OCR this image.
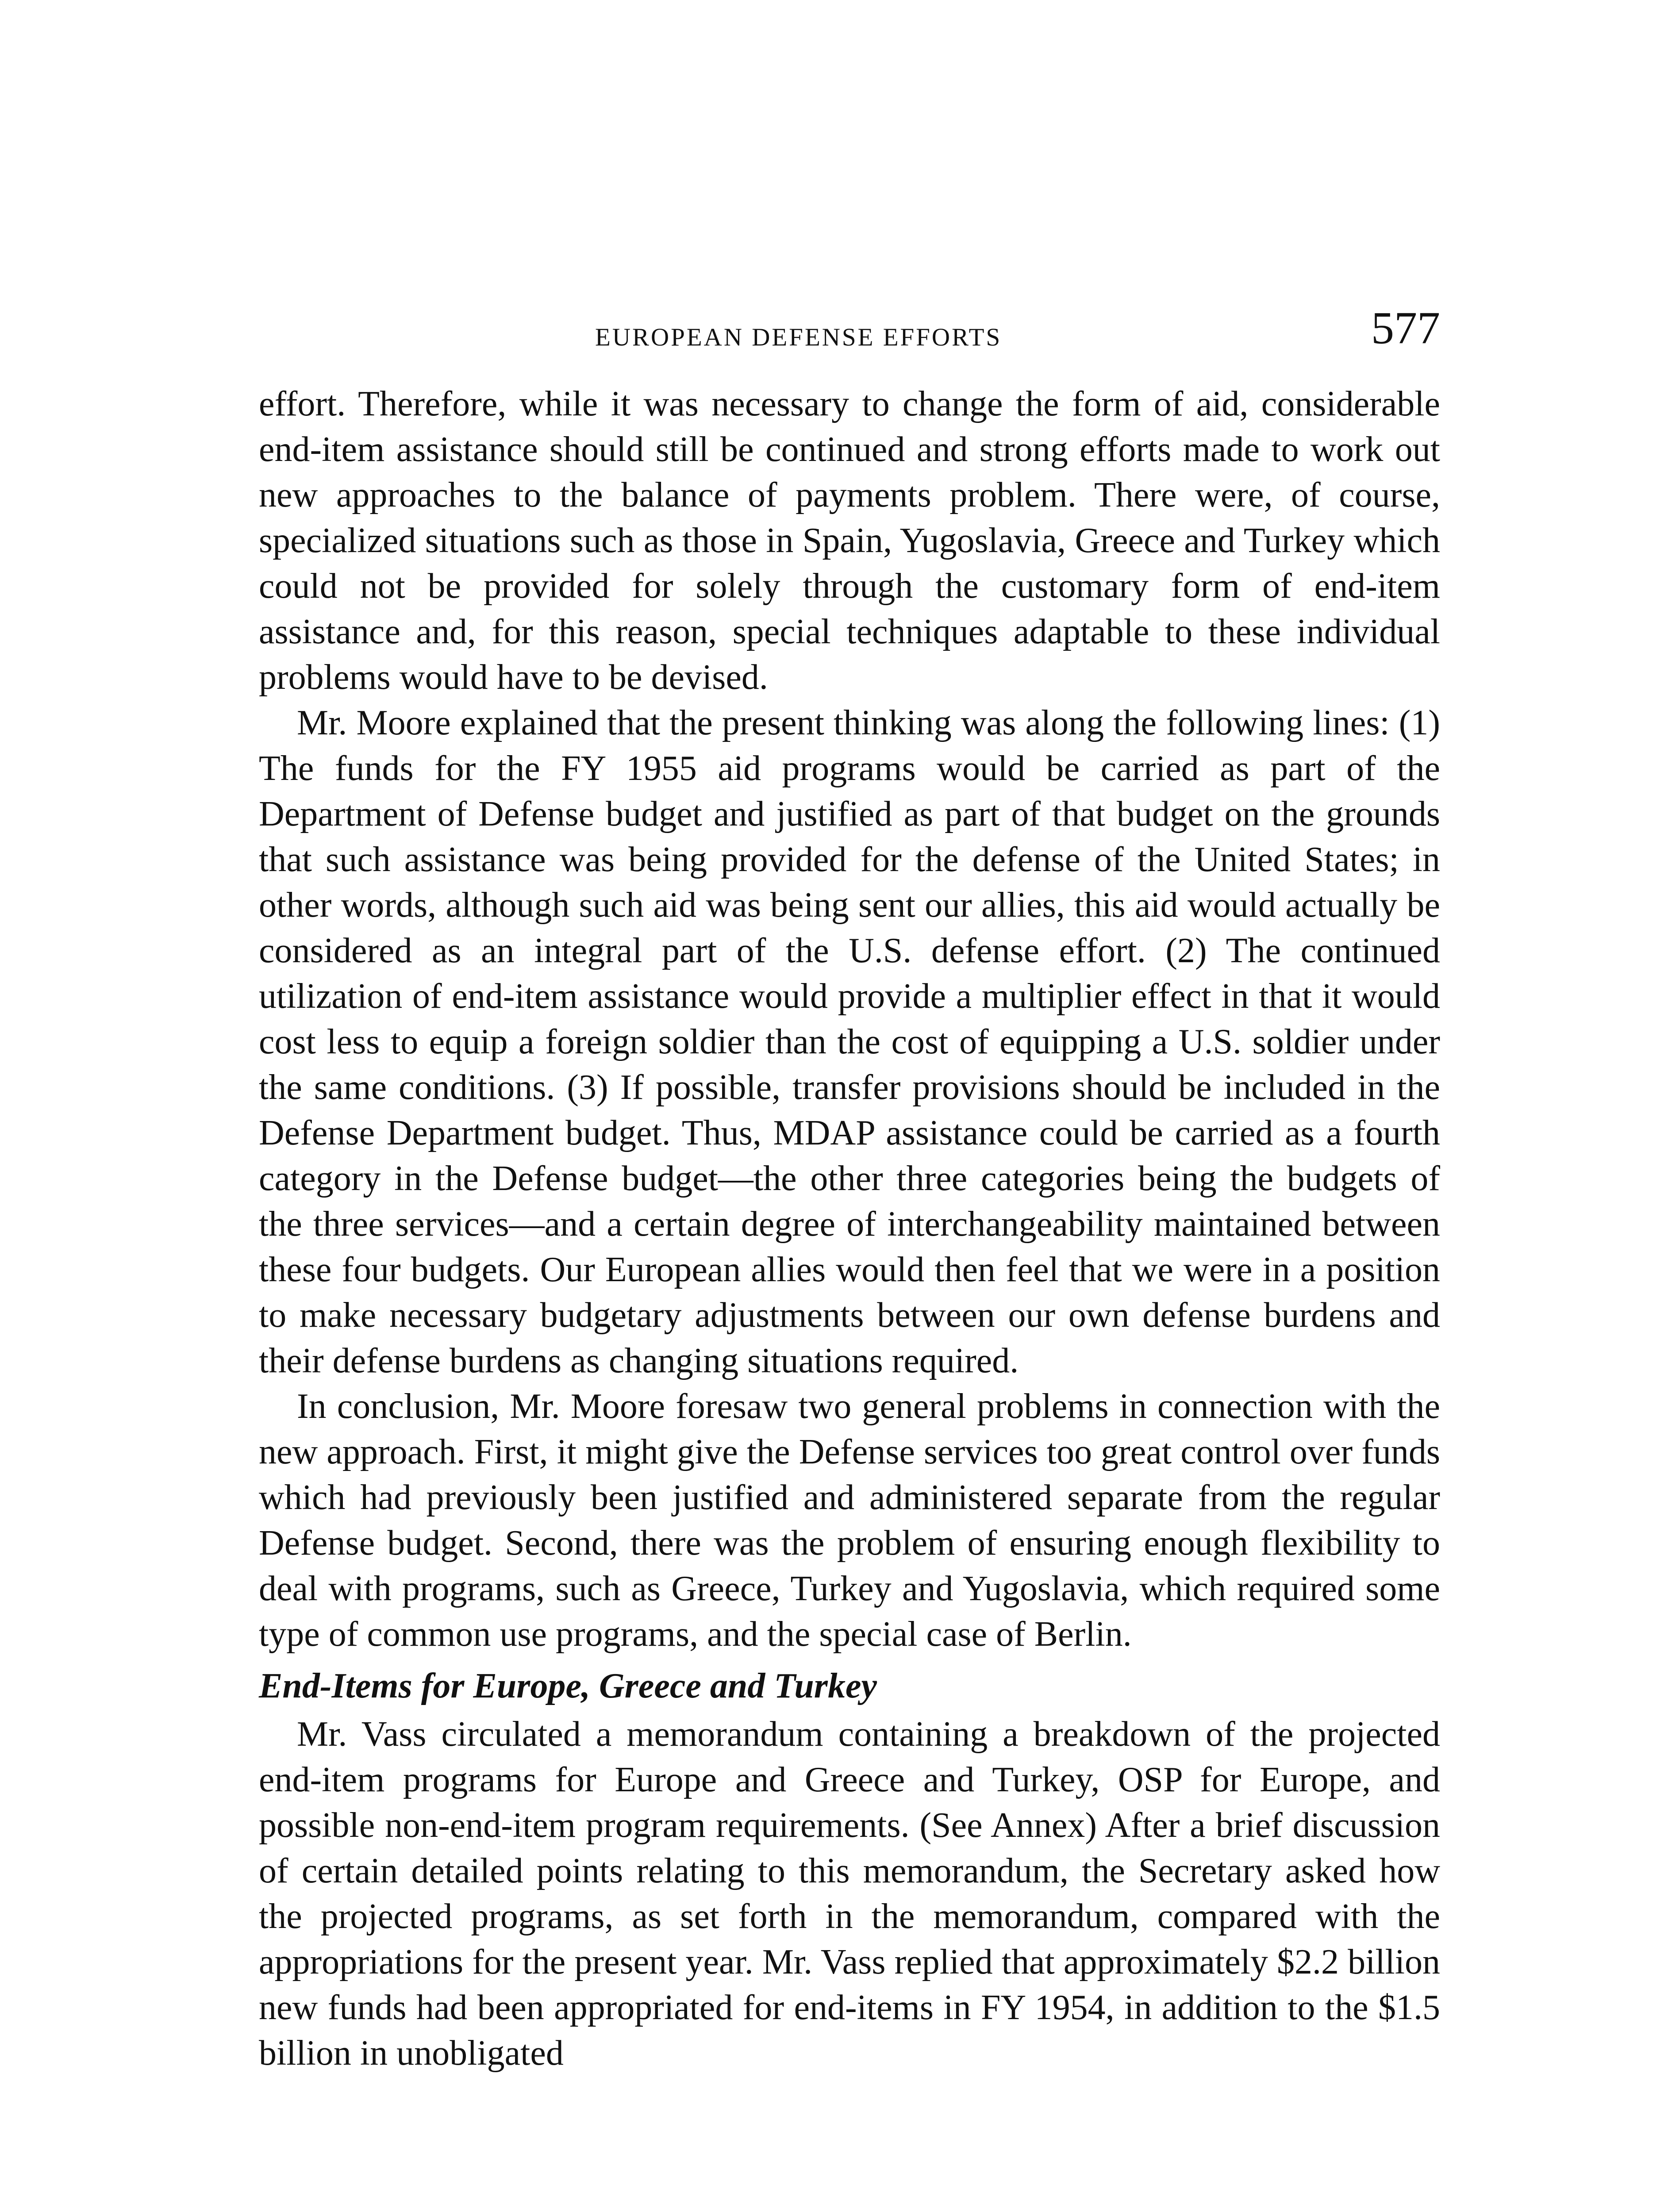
EUROPEAN DEFENSE EFFORTS	577

effort. Therefore, while it was necessary to change the form of aid, considerable end-item assistance should still be continued and strong efforts made to work out new approaches to the balance of payments problem. There were, of course, specialized situations such as those in Spain, Yugoslavia, Greece and Turkey which could not be provided for solely through the customary form of end-item assistance and, for this reason, special techniques adaptable to these individual problems would have to be devised.

Mr. Moore explained that the present thinking was along the following lines: (1) The funds for the FY 1955 aid programs would be carried as part of the Department of Defense budget and justified as part of that budget on the grounds that such assistance was being provided for the defense of the United States; in other words, although such aid was being sent our allies, this aid would actually be considered as an integral part of the U.S. defense effort. (2) The continued utilization of end-item assistance would provide a multiplier effect in that it would cost less to equip a foreign soldier than the cost of equipping a U.S. soldier under the same conditions. (3) If possible, transfer provisions should be included in the Defense Department budget. Thus, MDAP assistance could be carried as a fourth category in the Defense budget—the other three categories being the budgets of the three services—and a certain degree of interchangeability maintained between these four budgets. Our European allies would then feel that we were in a position to make necessary budgetary adjustments between our own defense burdens and their defense burdens as changing situations required.

In conclusion, Mr. Moore foresaw two general problems in connection with the new approach. First, it might give the Defense services too great control over funds which had previously been justified and administered separate from the regular Defense budget. Second, there was the problem of ensuring enough flexibility to deal with programs, such as Greece, Turkey and Yugoslavia, which required some type of common use programs, and the special case of Berlin.

End-Items for Europe, Greece and Turkey

Mr. Vass circulated a memorandum containing a breakdown of the projected end-item programs for Europe and Greece and Turkey, OSP for Europe, and possible non-end-item program requirements. (See Annex) After a brief discussion of certain detailed points relating to this memorandum, the Secretary asked how the projected programs, as set forth in the memorandum, compared with the appropriations for the present year. Mr. Vass replied that approximately $2.2 billion new funds had been appropriated for end-items in FY 1954, in addition to the $1.5 billion in unobligated
